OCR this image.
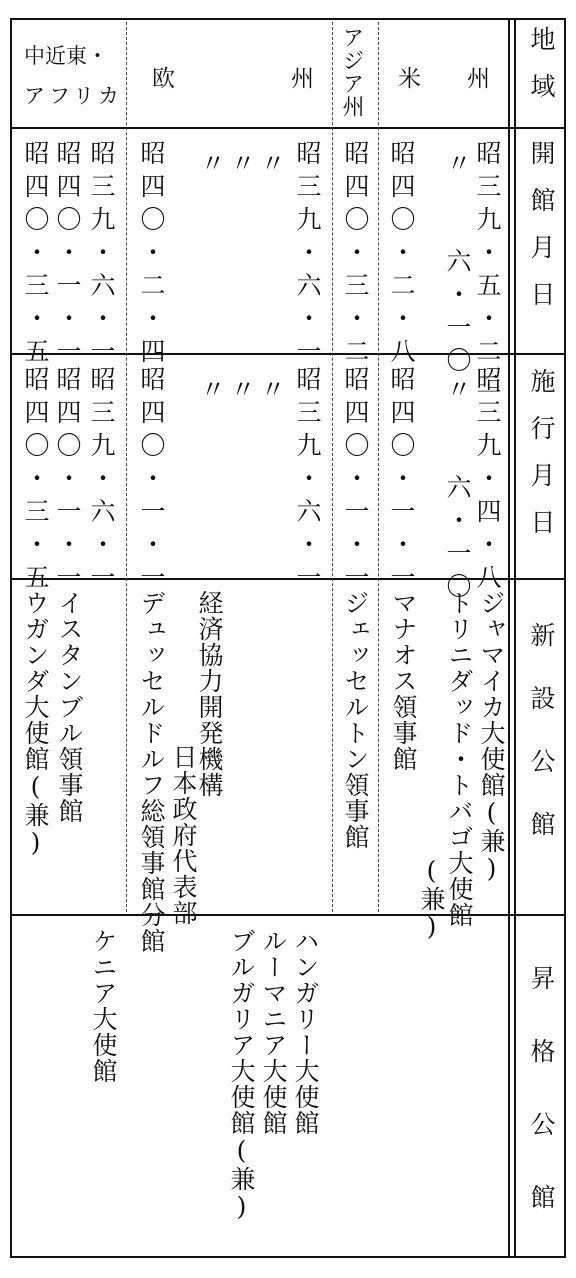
地域
開館月日
施行月日
新設公館
昇格公館
米州
アジア州
欧州
中近東・
アフリカ
昭三九・五・二二
〃
六・一〇
昭四〇・二・八
昭四〇・三・二
昭三九・六・一
〃
〃
〃
昭四〇・二・四
昭三九・六・一
昭四〇・一・一
昭四〇・三・五
昭三九・四・八
〃
六・一〇
昭四〇・一・一
昭四〇・一・一
昭三九・六・一
〃
〃
〃
昭四〇・一・一
昭三九・六・一
昭四〇・一・一
昭四〇・三・五
ジャマイカ大使館(兼)
トリニダッド・トバゴ大使館
(兼)
マナオス領事館
ジェッセルトン領事館
経済協力開発機構
日本政府代表部
デュッセルドルフ総領事館分館
イスタンブル領事館
ウガンダ大使館(兼)
ハンガリー大使館
ルーマニア大使館
ブルガリア大使館(兼)
ケニア大使館
